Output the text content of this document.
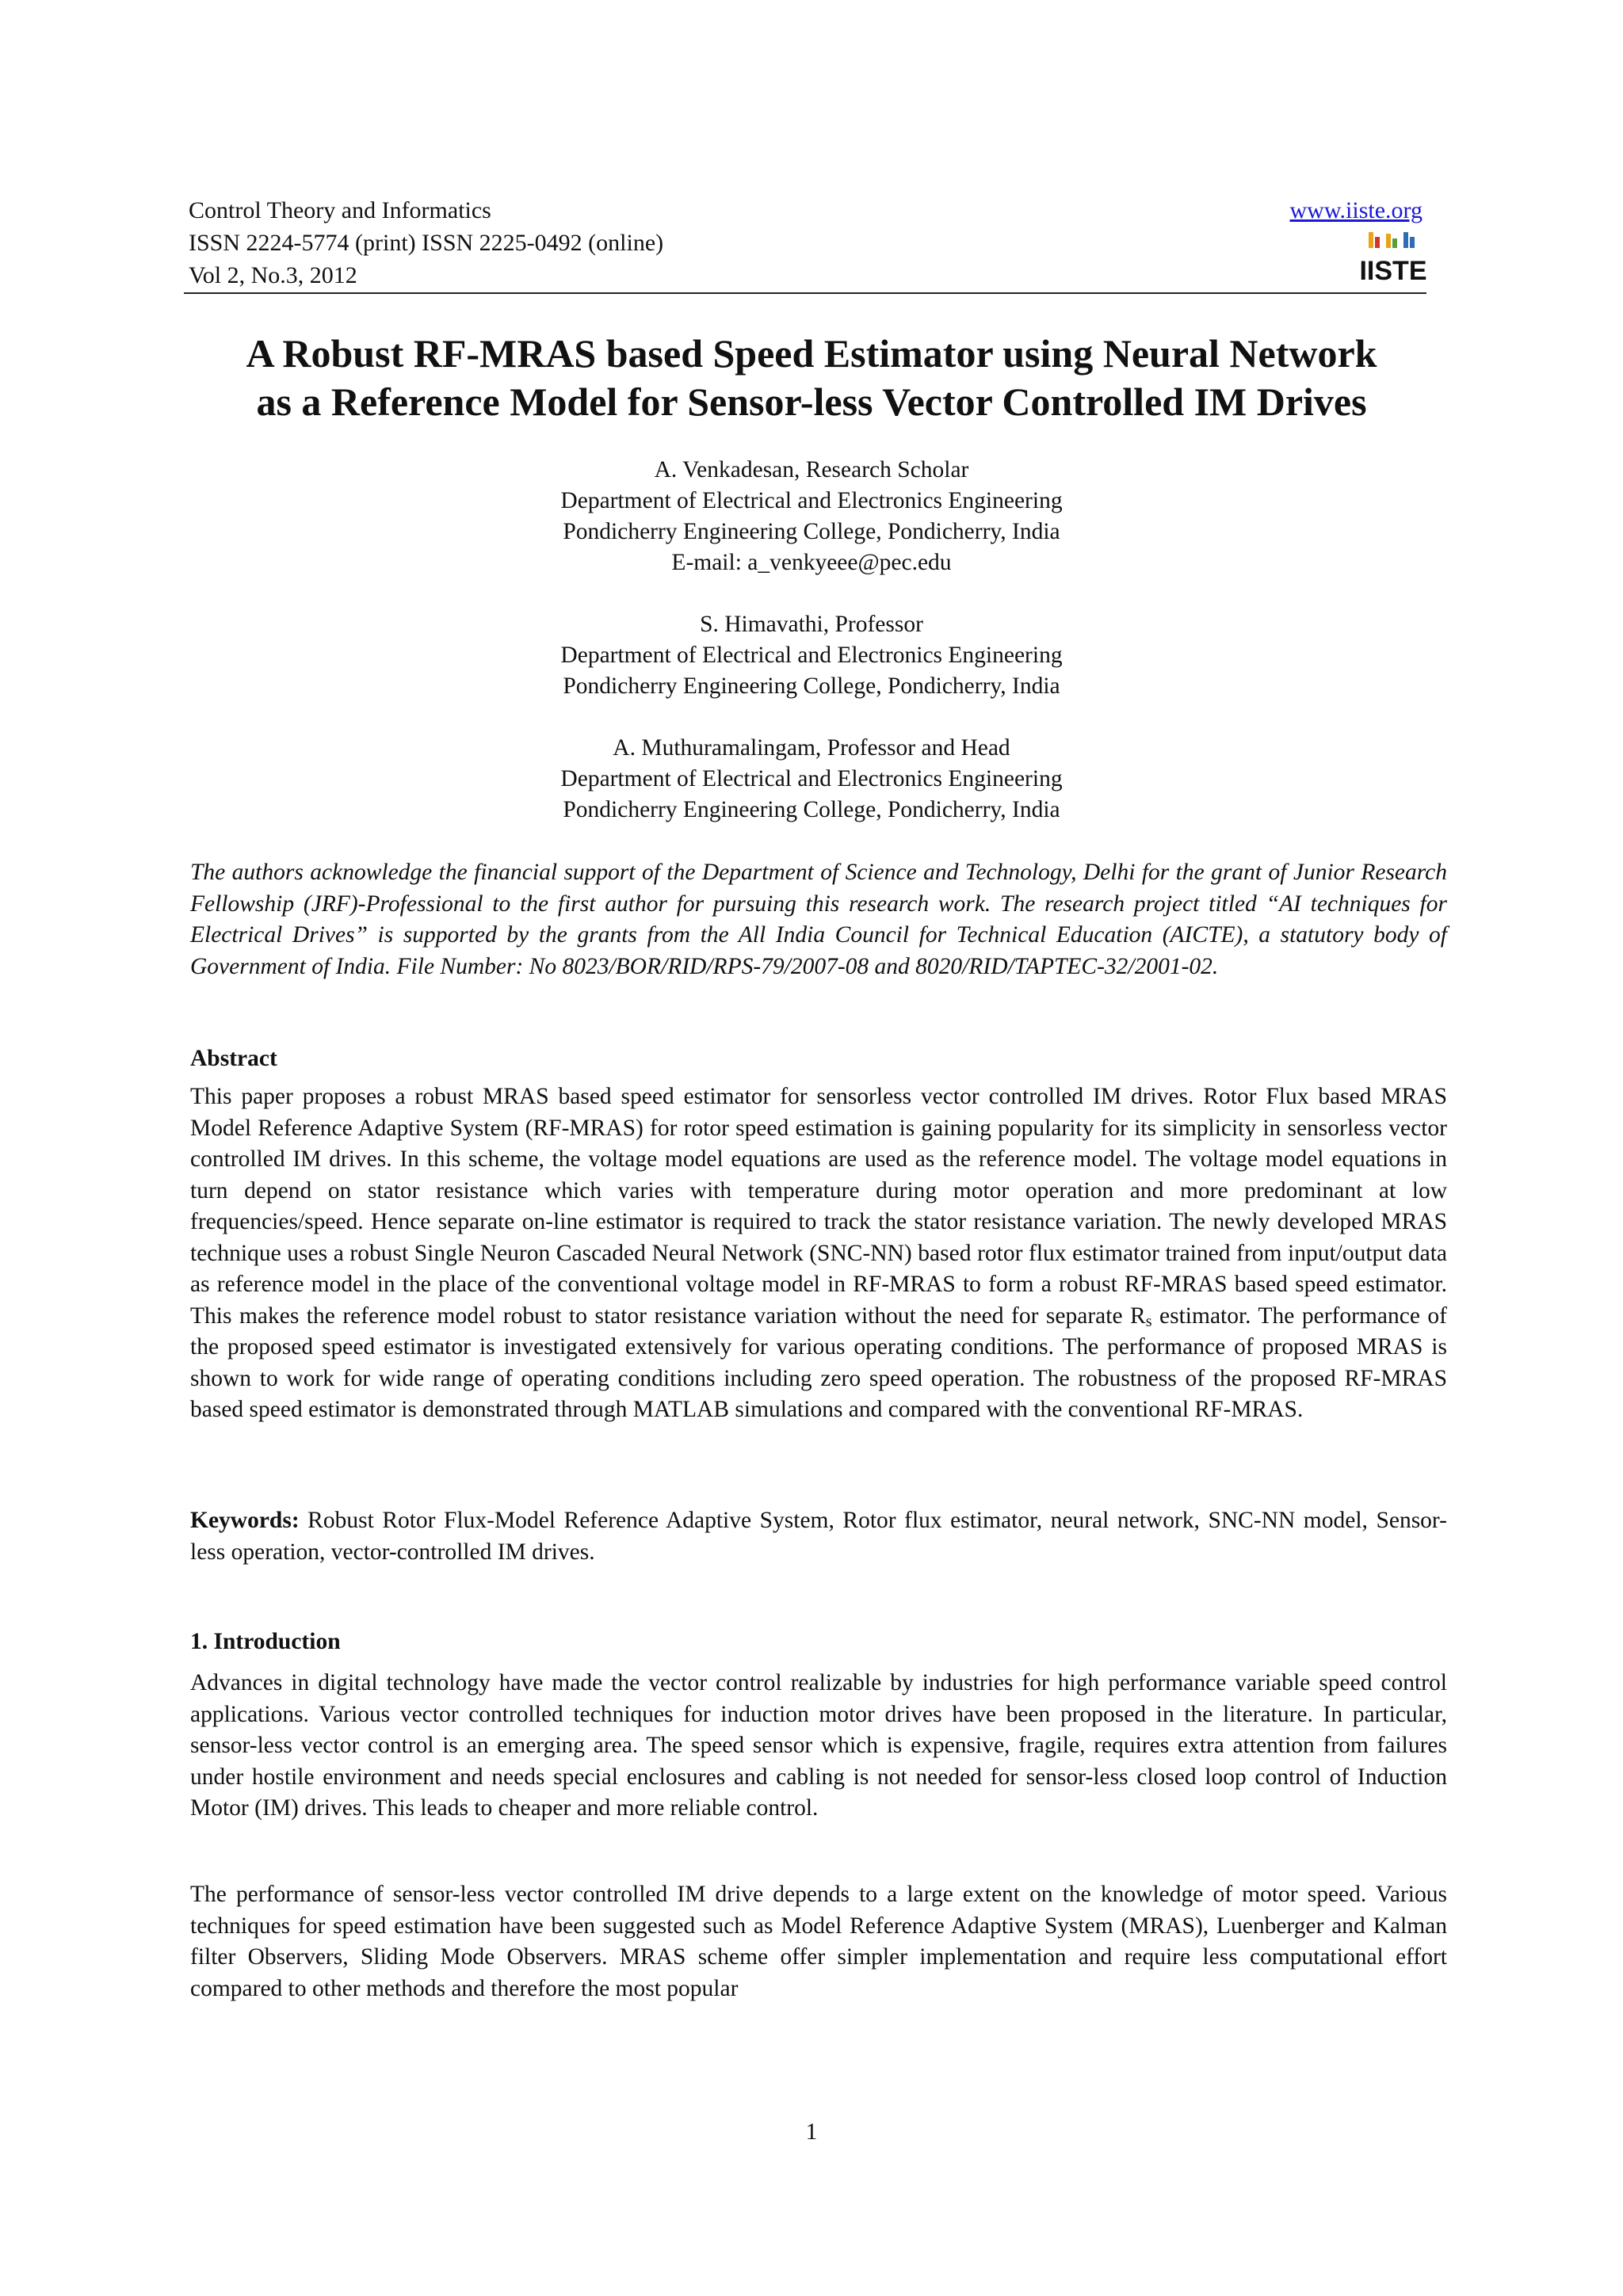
Control Theory and Informatics
ISSN 2224-5774 (print) ISSN 2225-0492 (online)
Vol 2, No.3, 2012
www.iiste.org
IISTE
A Robust RF-MRAS based Speed Estimator using Neural Network
as a Reference Model for Sensor-less Vector Controlled IM Drives
A. Venkadesan, Research Scholar
Department of Electrical and Electronics Engineering
Pondicherry Engineering College, Pondicherry, India
E-mail: a_venkyeee@pec.edu
S. Himavathi, Professor
Department of Electrical and Electronics Engineering
Pondicherry Engineering College, Pondicherry, India
A. Muthuramalingam, Professor and Head
Department of Electrical and Electronics Engineering
Pondicherry Engineering College, Pondicherry, India
The authors acknowledge the financial support of the Department of Science and Technology, Delhi for the grant of Junior Research Fellowship (JRF)-Professional to the first author for pursuing this research work. The research project titled “AI techniques for Electrical Drives” is supported by the grants from the All India Council for Technical Education (AICTE), a statutory body of Government of India. File Number: No 8023/BOR/RID/RPS-79/2007-08 and 8020/RID/TAPTEC-32/2001-02.
Abstract
This paper proposes a robust MRAS based speed estimator for sensorless vector controlled IM drives. Rotor Flux based MRAS Model Reference Adaptive System (RF-MRAS) for rotor speed estimation is gaining popularity for its simplicity in sensorless vector controlled IM drives. In this scheme, the voltage model equations are used as the reference model. The voltage model equations in turn depend on stator resistance which varies with temperature during motor operation and more predominant at low frequencies/speed. Hence separate on-line estimator is required to track the stator resistance variation. The newly developed MRAS technique uses a robust Single Neuron Cascaded Neural Network (SNC-NN) based rotor flux estimator trained from input/output data as reference model in the place of the conventional voltage model in RF-MRAS to form a robust RF-MRAS based speed estimator. This makes the reference model robust to stator resistance variation without the need for separate $R_s$ estimator. The performance of the proposed speed estimator is investigated extensively for various operating conditions. The performance of proposed MRAS is shown to work for wide range of operating conditions including zero speed operation. The robustness of the proposed RF-MRAS based speed estimator is demonstrated through MATLAB simulations and compared with the conventional RF-MRAS.
Keywords: Robust Rotor Flux-Model Reference Adaptive System, Rotor flux estimator, neural network, SNC-NN model, Sensor-less operation, vector-controlled IM drives.
1. Introduction
Advances in digital technology have made the vector control realizable by industries for high performance variable speed control applications. Various vector controlled techniques for induction motor drives have been proposed in the literature. In particular, sensor-less vector control is an emerging area. The speed sensor which is expensive, fragile, requires extra attention from failures under hostile environment and needs special enclosures and cabling is not needed for sensor-less closed loop control of Induction Motor (IM) drives. This leads to cheaper and more reliable control.
The performance of sensor-less vector controlled IM drive depends to a large extent on the knowledge of motor speed. Various techniques for speed estimation have been suggested such as Model Reference Adaptive System (MRAS), Luenberger and Kalman filter Observers, Sliding Mode Observers. MRAS scheme offer simpler implementation and require less computational effort compared to other methods and therefore the most popular
1
